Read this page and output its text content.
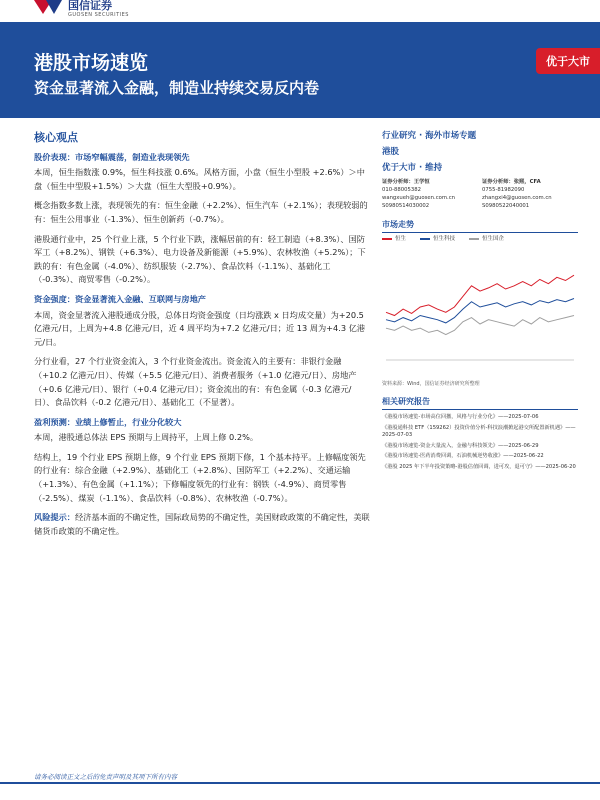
国信证券
GUOSEN SECURITIES
港股市场速览
资金显著流入金融，制造业持续交易反内卷
优于大市
核心观点
股价表现：市场窄幅震荡，制造业表现领先

本周，恒生指数涨 0.9%，恒生科技涨 0.6%。风格方面，小盘（恒生小型股 +2.6%）＞中盘（恒生中型股+1.5%）＞大盘（恒生大型股+0.9%）。

概念指数多数上涨，表现领先的有：恒生金融（+2.2%）、恒生汽车（+2.1%）；表现较弱的有：恒生公用事业（-1.3%）、恒生创新药（-0.7%）。

港股通行业中，25 个行业上涨，5 个行业下跌，涨幅居前的有：轻工制造（+8.3%）、国防军工（+8.2%）、钢铁（+6.3%）、电力设备及新能源（+5.9%）、农林牧渔（+5.2%）；下跌的有：有色金属（-4.0%）、纺织服装（-2.7%）、食品饮料（-1.1%）、基础化工（-0.3%）、商贸零售（-0.2%）。

资金强度：资金显著流入金融、互联网与房地产

本周，资金显著流入港股通成分股，总体日均资金强度（日均涨跌 x 日均成交量）为+20.5 亿港元/日，上周为+4.8 亿港元/日，近 4 周平均为+7.2 亿港元/日；近 13 周为+4.3 亿港元/日。

分行业看，27 个行业资金流入，3 个行业资金流出。资金流入的主要有：非银行金融（+10.2 亿港元/日）、传媒（+5.5 亿港元/日）、消费者服务（+1.0 亿港元/日）、房地产（+0.6 亿港元/日）、银行（+0.4 亿港元/日）；资金流出的有：有色金属（-0.3 亿港元/日）、食品饮料（-0.2 亿港元/日）、基础化工（不显著）。

盈利预测：业绩上修暂止，行业分化较大

本周，港股通总体法 EPS 预期与上周持平，上周上修 0.2%。

结构上，19 个行业 EPS 预期上修，9 个行业 EPS 预期下修，1 个基本持平。上修幅度领先的行业有：综合金融（+2.9%）、基础化工（+2.8%）、国防军工（+2.2%）、交通运输（+1.3%）、有色金属（+1.1%）；下修幅度领先的行业有：钢铁（-4.9%）、商贸零售（-2.5%）、煤炭（-1.1%）、食品饮料（-0.8%）、农林牧渔（-0.7%）。

风险提示：经济基本面的不确定性，国际政局势的不确定性，美国财政政策的不确定性，美联储货币政策的不确定性。

行业研究 · 海外市场专题
港股
优于大市 · 维持
证券分析师：王学恒
010-88005382
wangxueh@guosen.com.cn
S0980514030002
证券分析师：张熙，CFA
0755-81982090
zhangxi4@guosen.com.cn
S0980522040001
市场走势
恒生	恒生科技	恒生国企
资料来源：Wind，国信证券经济研究所整理
相关研究报告
《港股市场速览-市场高位回撤，风格与行业分化》——2025-07-06
《港股通科技 ETF（159262）投资价值分析-科技浪潮掀起港交所配置新机遇》——2025-07-03
《港股市场速览-资金大量流入，金融与科技领先》——2025-06-29
《港股市场速览-医药消费回调，石油机械逆势收涨》——2025-06-22
《港股 2025 年下半年投资策略-港股估值回调，进可攻，退可守》——2025-06-20
请务必阅读正文之后的免责声明及其项下所有内容
